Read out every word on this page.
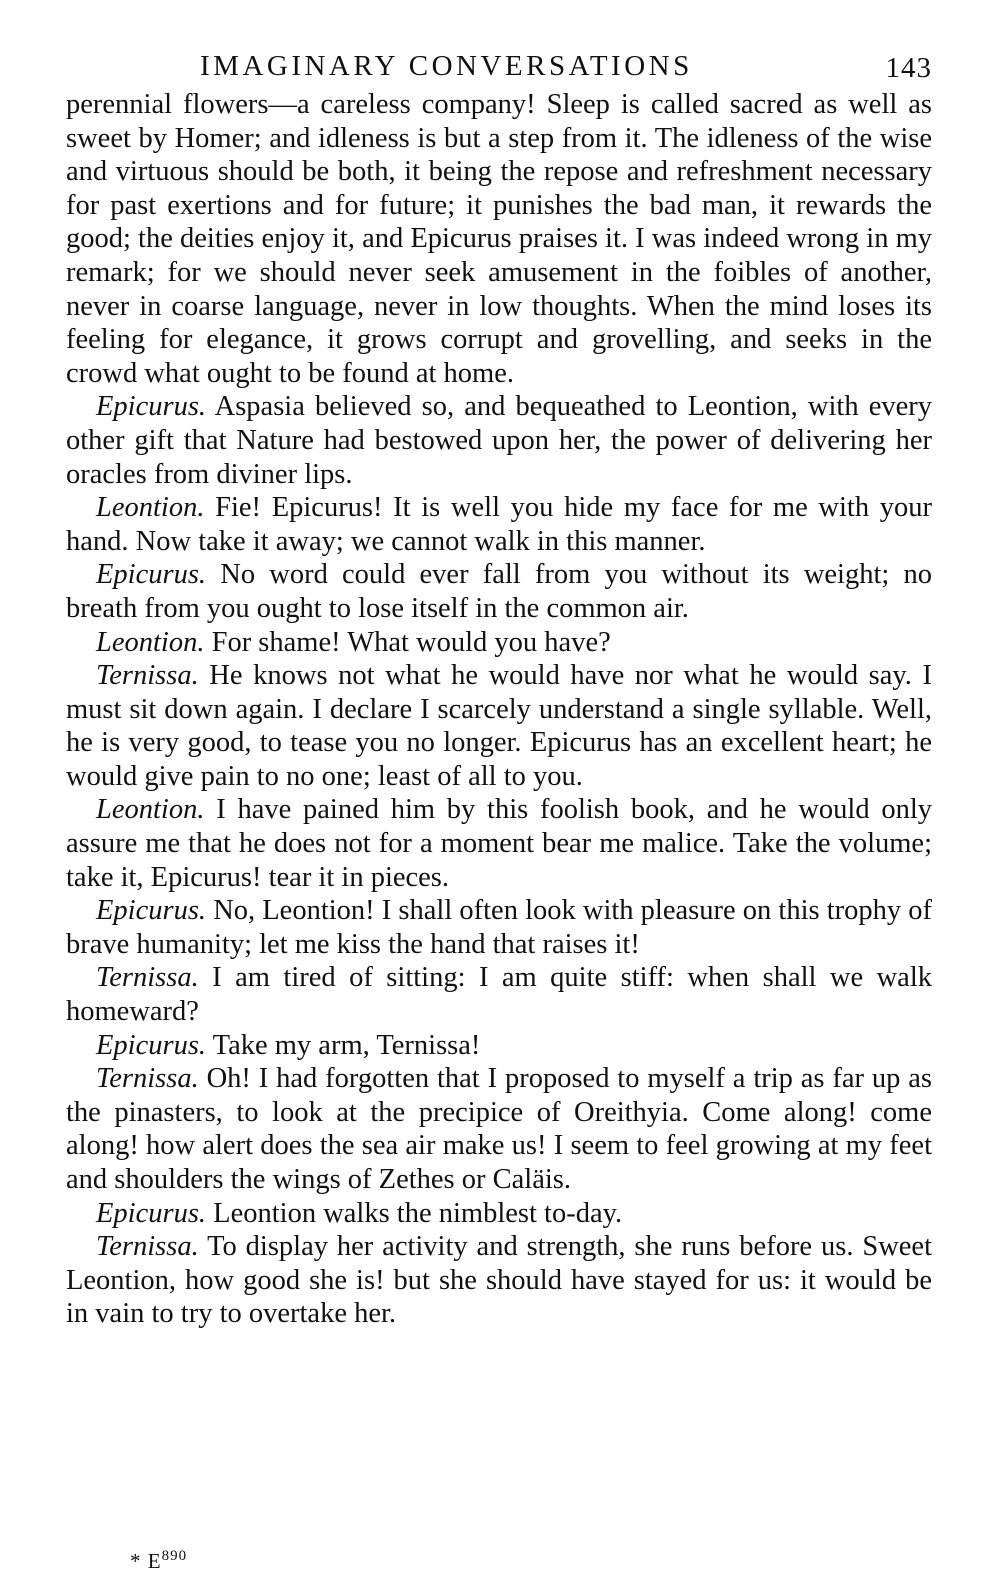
IMAGINARY CONVERSATIONS	143

perennial flowers—a careless company! Sleep is called sacred as well as sweet by Homer; and idleness is but a step from it. The idleness of the wise and virtuous should be both, it being the repose and refreshment necessary for past exertions and for future; it punishes the bad man, it rewards the good; the deities enjoy it, and Epicurus praises it. I was indeed wrong in my remark; for we should never seek amusement in the foibles of another, never in coarse language, never in low thoughts. When the mind loses its feeling for elegance, it grows corrupt and grovelling, and seeks in the crowd what ought to be found at home.

Epicurus. Aspasia believed so, and bequeathed to Leontion, with every other gift that Nature had bestowed upon her, the power of delivering her oracles from diviner lips.

Leontion. Fie! Epicurus! It is well you hide my face for me with your hand. Now take it away; we cannot walk in this manner.

Epicurus. No word could ever fall from you without its weight; no breath from you ought to lose itself in the common air.

Leontion. For shame! What would you have?

Ternissa. He knows not what he would have nor what he would say. I must sit down again. I declare I scarcely understand a single syllable. Well, he is very good, to tease you no longer. Epicurus has an excellent heart; he would give pain to no one; least of all to you.

Leontion. I have pained him by this foolish book, and he would only assure me that he does not for a moment bear me malice. Take the volume; take it, Epicurus! tear it in pieces.

Epicurus. No, Leontion! I shall often look with pleasure on this trophy of brave humanity; let me kiss the hand that raises it!

Ternissa. I am tired of sitting: I am quite stiff: when shall we walk homeward?

Epicurus. Take my arm, Ternissa!

Ternissa. Oh! I had forgotten that I proposed to myself a trip as far up as the pinasters, to look at the precipice of Oreithyia. Come along! come along! how alert does the sea air make us! I seem to feel growing at my feet and shoulders the wings of Zethes or Caläis.

Epicurus. Leontion walks the nimblest to-day.

Ternissa. To display her activity and strength, she runs before us. Sweet Leontion, how good she is! but she should have stayed for us: it would be in vain to try to overtake her.

* $E^{890}$
